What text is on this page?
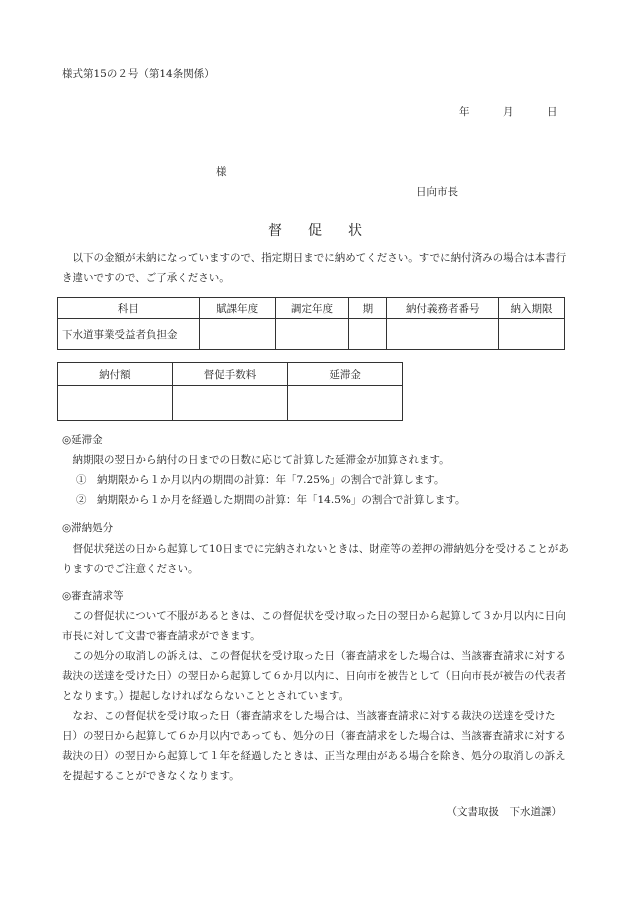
様式第15の２号（第14条関係）
年	月	日
様
日向市長
督 促 状
以下の金額が未納になっていますので、指定期日までに納めてください。すでに納付済みの場合は本書行き違いですので、ご了承ください。
科目	賦課年度	調定年度	期	納付義務者番号	納入期限
下水道事業受益者負担金					
納付額	督促手数料	延滞金

◎延滞金
納期限の翌日から納付の日までの日数に応じて計算した延滞金が加算されます。
①　納期限から１か月以内の期間の計算：年「7.25%」の割合で計算します。
②　納期限から１か月を経過した期間の計算：年「14.5%」の割合で計算します。
◎滞納処分
督促状発送の日から起算して10日までに完納されないときは、財産等の差押の滞納処分を受けることがありますのでご注意ください。
◎審査請求等
この督促状について不服があるときは、この督促状を受け取った日の翌日から起算して３か月以内に日向市長に対して文書で審査請求ができます。
この処分の取消しの訴えは、この督促状を受け取った日（審査請求をした場合は、当該審査請求に対する裁決の送達を受けた日）の翌日から起算して６か月以内に、日向市を被告として（日向市長が被告の代表者となります。）提起しなければならないこととされています。
なお、この督促状を受け取った日（審査請求をした場合は、当該審査請求に対する裁決の送達を受けた日）の翌日から起算して６か月以内であっても、処分の日（審査請求をした場合は、当該審査請求に対する裁決の日）の翌日から起算して１年を経過したときは、正当な理由がある場合を除き、処分の取消しの訴えを提起することができなくなります。
（文書取扱　下水道課）
